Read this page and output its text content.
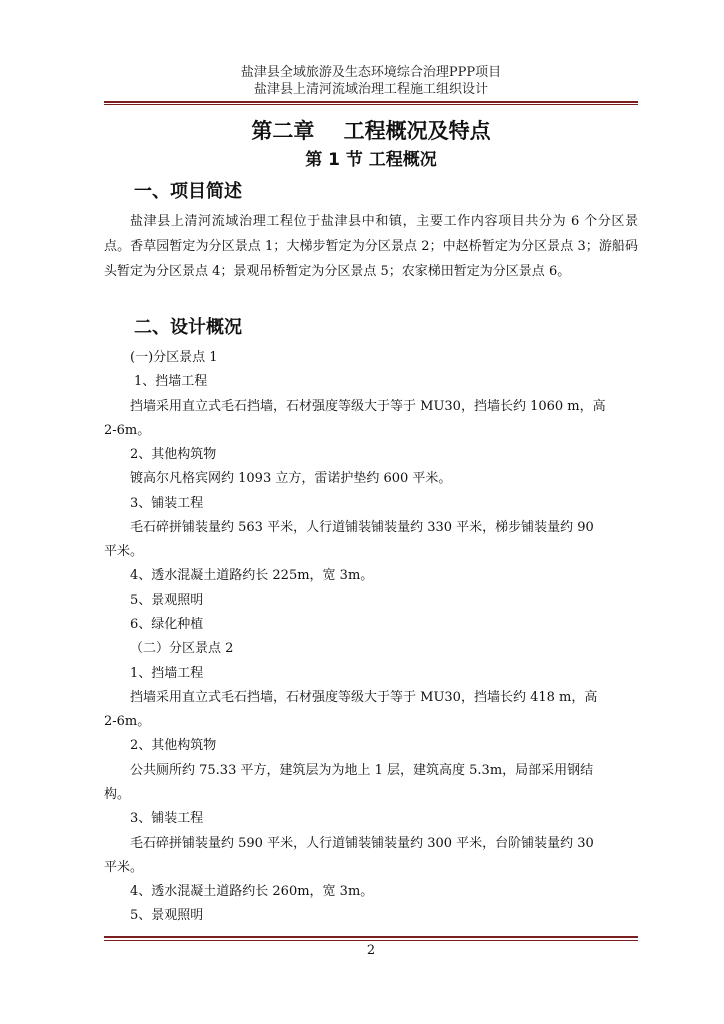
盐津县全域旅游及生态环境综合治理PPP项目
盐津县上清河流域治理工程施工组织设计
第二章    工程概况及特点
第 1 节 工程概况
一、项目简述
盐津县上清河流域治理工程位于盐津县中和镇，主要工作内容项目共分为 6 个分区景点。香草园暂定为分区景点 1；大梯步暂定为分区景点 2；中赵桥暂定为分区景点 3；游船码头暂定为分区景点 4；景观吊桥暂定为分区景点 5；农家梯田暂定为分区景点 6。
二、设计概况
(一)分区景点 1
1、挡墙工程
挡墙采用直立式毛石挡墙，石材强度等级大于等于 MU30，挡墙长约 1060 m，高
2-6m。
2、其他构筑物
镀高尔凡格宾网约 1093 立方，雷诺护垫约 600 平米。
3、铺装工程
毛石碎拼铺装量约 563 平米，人行道铺装铺装量约 330 平米，梯步铺装量约 90
平米。
4、透水混凝土道路约长 225m，宽 3m。
5、景观照明
6、绿化种植
（二）分区景点 2
1、挡墙工程
挡墙采用直立式毛石挡墙，石材强度等级大于等于 MU30，挡墙长约 418 m，高
2-6m。
2、其他构筑物
公共厕所约 75.33 平方，建筑层为为地上 1 层，建筑高度 5.3m，局部采用钢结
构。
3、铺装工程
毛石碎拼铺装量约 590 平米，人行道铺装铺装量约 300 平米，台阶铺装量约 30
平米。
4、透水混凝土道路约长 260m，宽 3m。
5、景观照明
2
